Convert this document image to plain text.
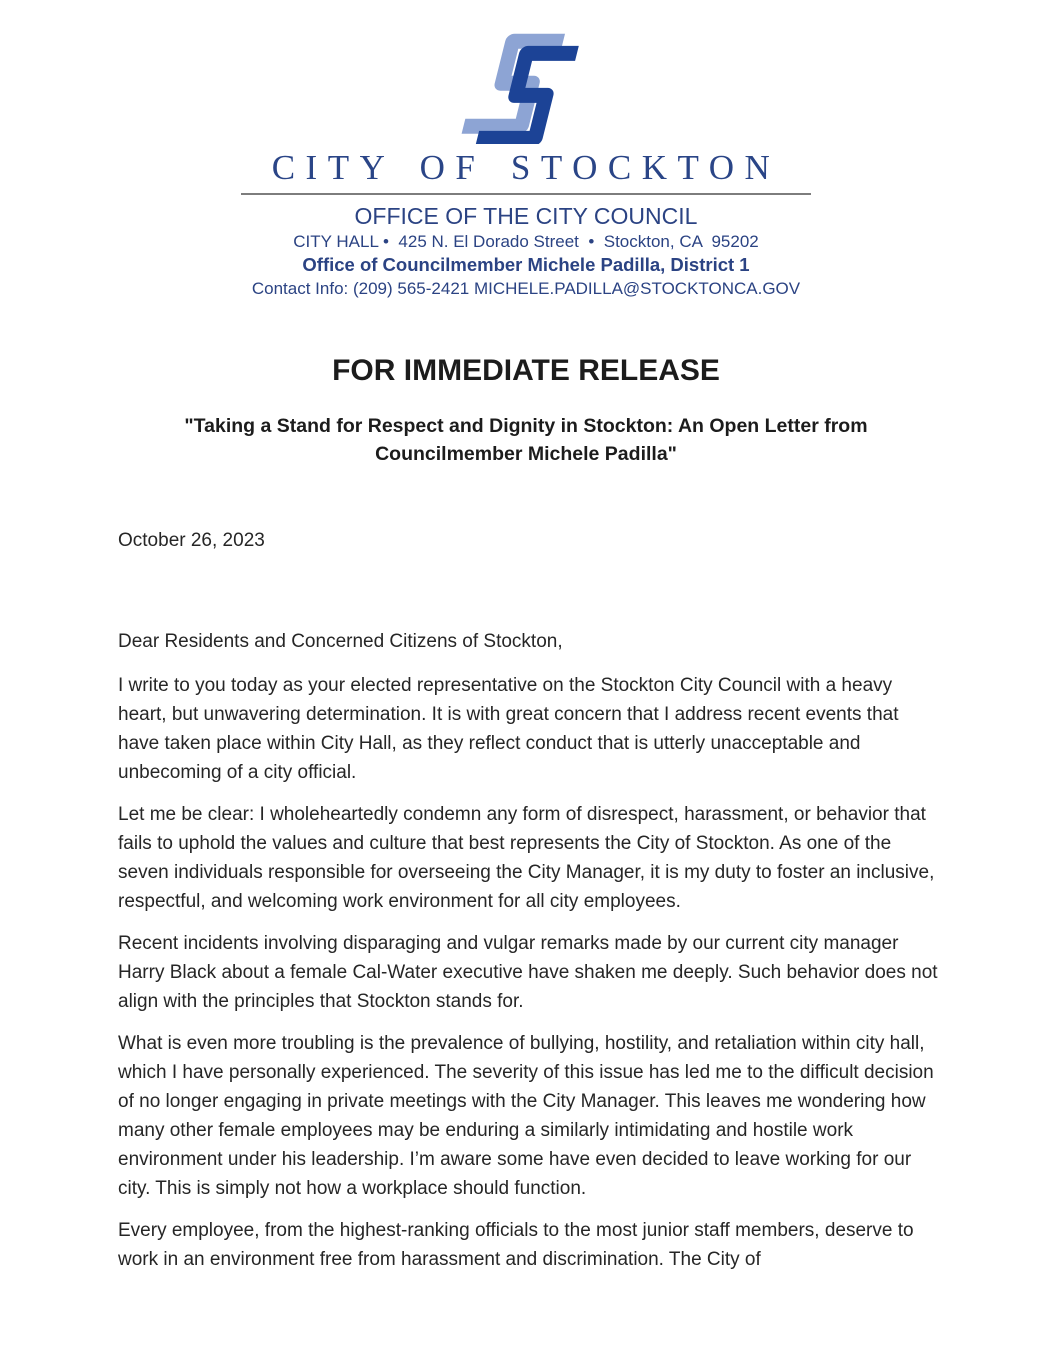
CITY OF STOCKTON
OFFICE OF THE CITY COUNCIL
CITY HALL •  425 N. El Dorado Street  •  Stockton, CA  95202
Office of Councilmember Michele Padilla, District 1
Contact Info: (209) 565-2421 MICHELE.PADILLA@STOCKTONCA.GOV
FOR IMMEDIATE RELEASE
"Taking a Stand for Respect and Dignity in Stockton: An Open Letter from Councilmember Michele Padilla"
October 26, 2023
Dear Residents and Concerned Citizens of Stockton,

I write to you today as your elected representative on the Stockton City Council with a heavy heart, but unwavering determination. It is with great concern that I address recent events that have taken place within City Hall, as they reflect conduct that is utterly unacceptable and unbecoming of a city official.

Let me be clear: I wholeheartedly condemn any form of disrespect, harassment, or behavior that fails to uphold the values and culture that best represents the City of Stockton. As one of the seven individuals responsible for overseeing the City Manager, it is my duty to foster an inclusive, respectful, and welcoming work environment for all city employees.

Recent incidents involving disparaging and vulgar remarks made by our current city manager Harry Black about a female Cal-Water executive have shaken me deeply. Such behavior does not align with the principles that Stockton stands for.

What is even more troubling is the prevalence of bullying, hostility, and retaliation within city hall, which I have personally experienced. The severity of this issue has led me to the difficult decision of no longer engaging in private meetings with the City Manager. This leaves me wondering how many other female employees may be enduring a similarly intimidating and hostile work environment under his leadership. I’m aware some have even decided to leave working for our city. This is simply not how a workplace should function.

Every employee, from the highest-ranking officials to the most junior staff members, deserve to work in an environment free from harassment and discrimination. The City of
